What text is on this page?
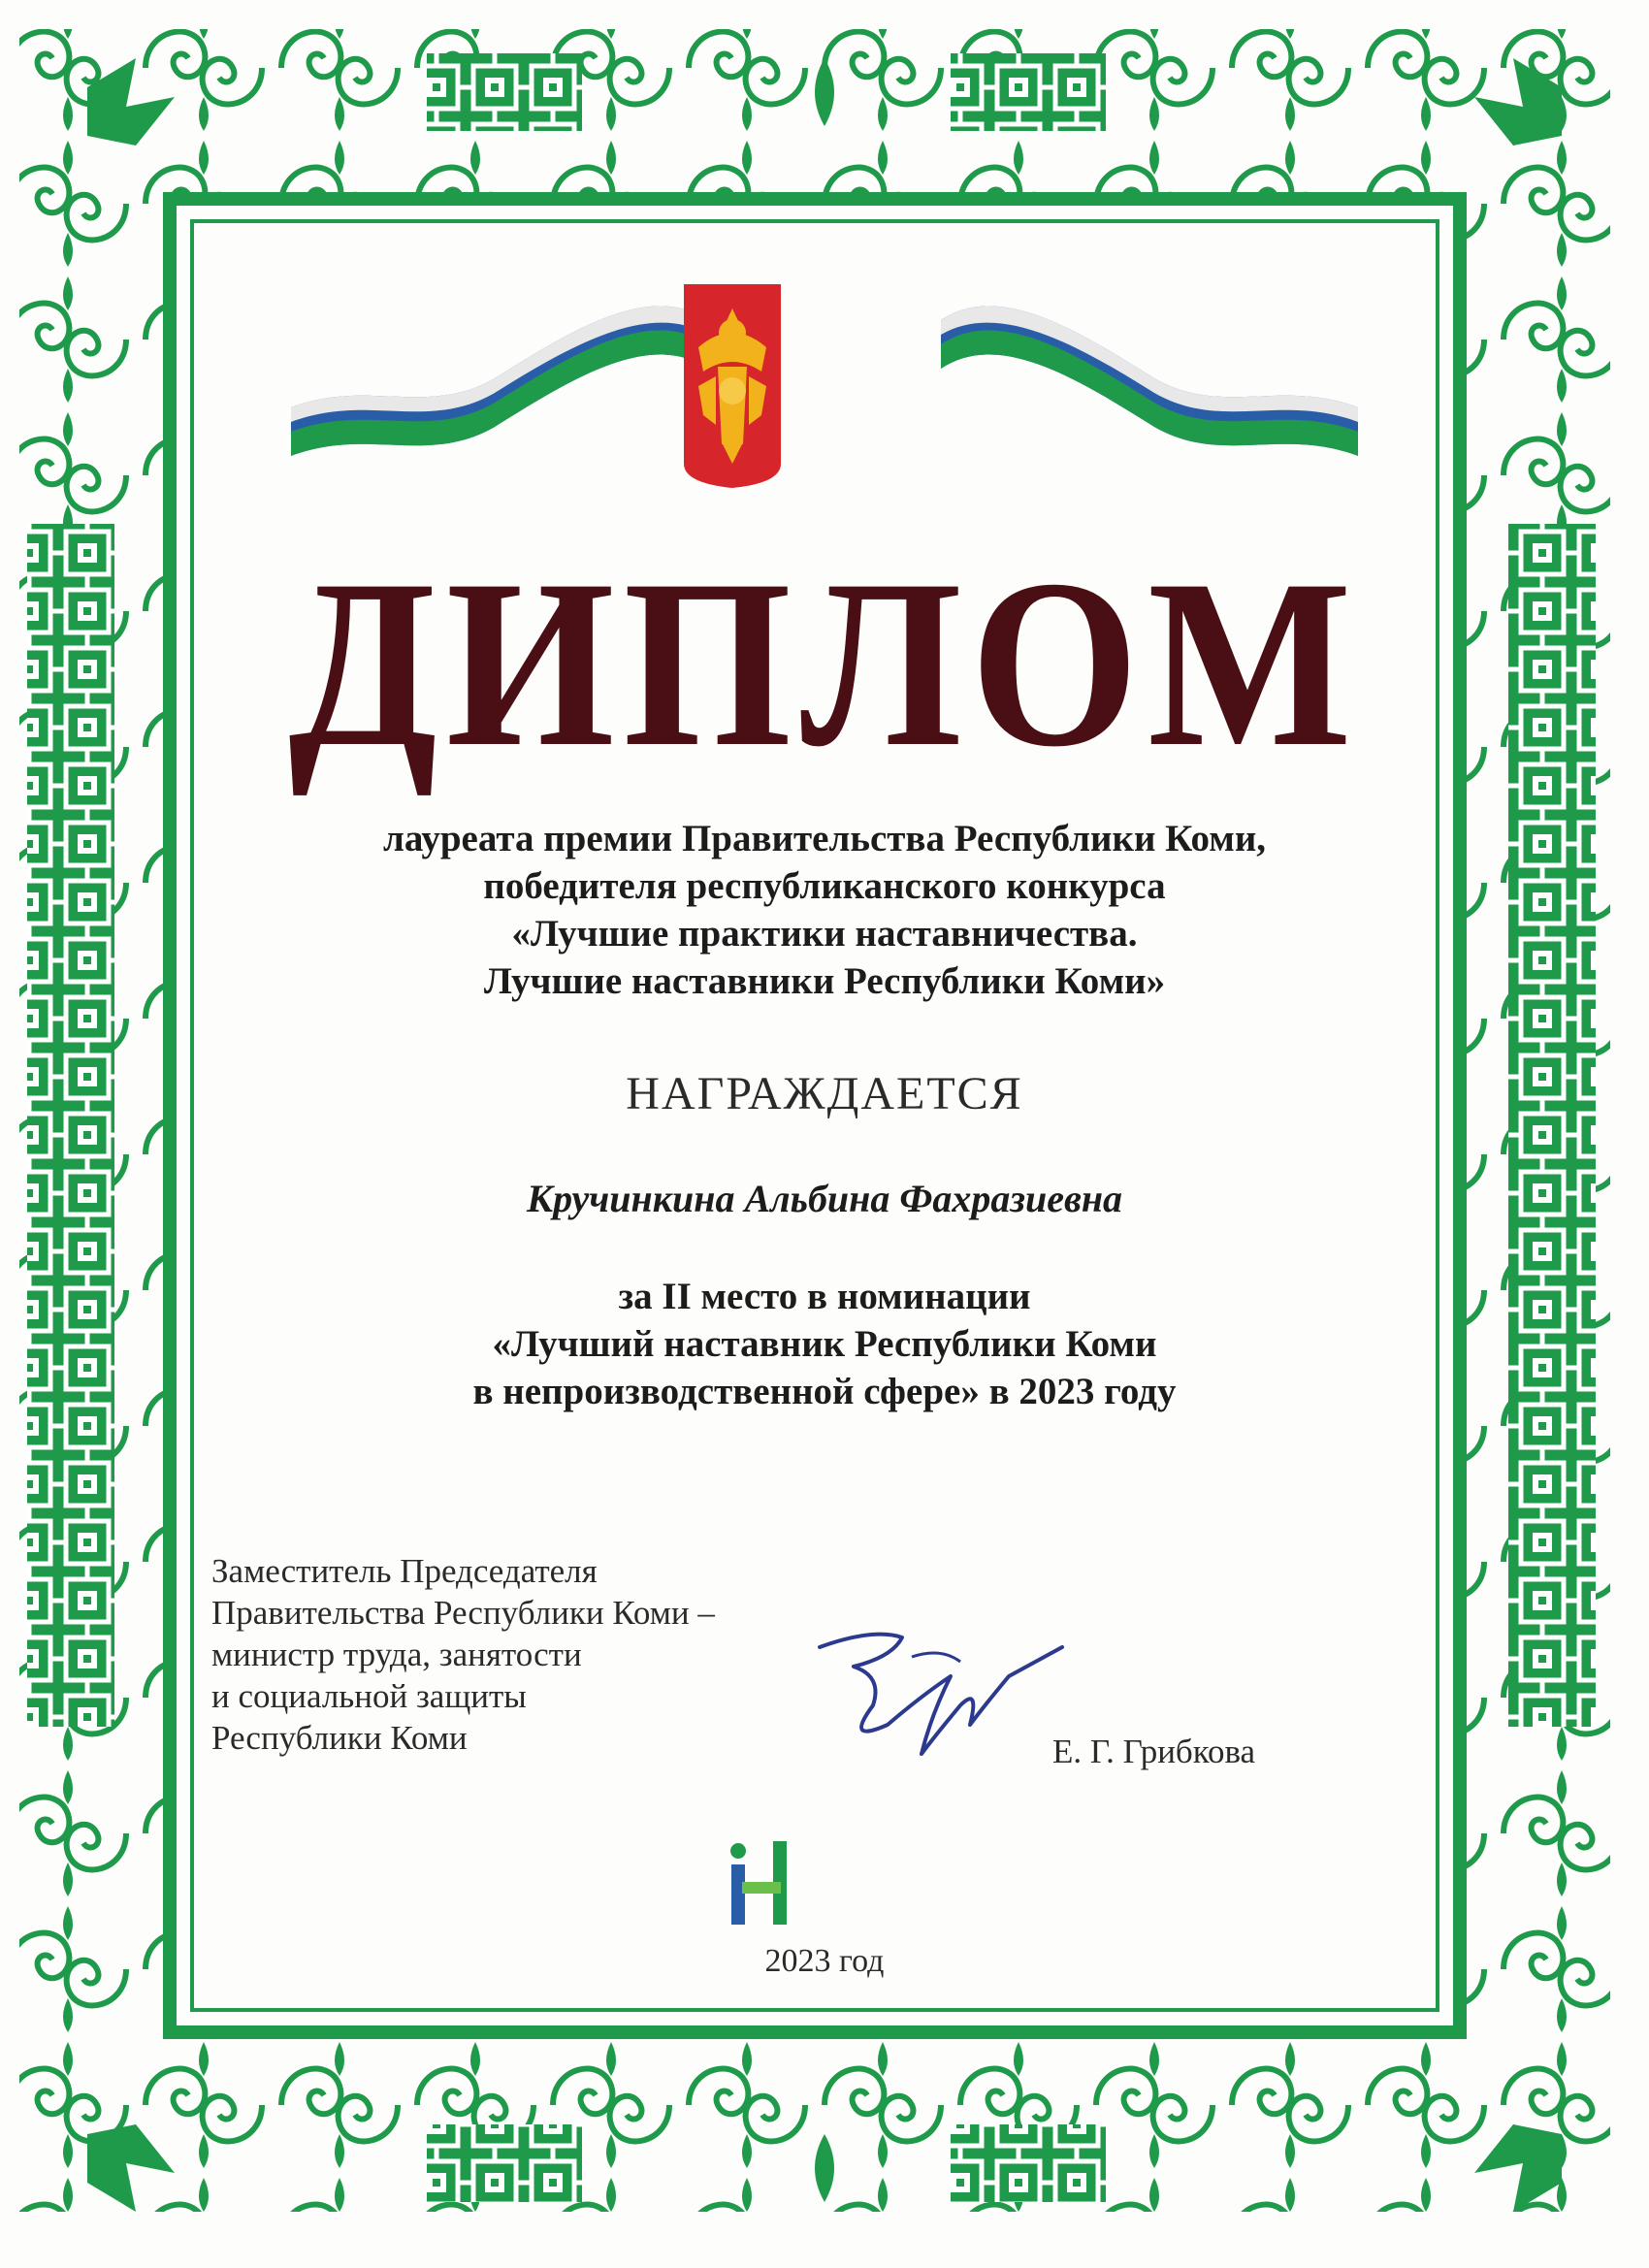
ДИПЛОМ
лауреата премии Правительства Республики Коми,
победителя республиканского конкурса
«Лучшие практики наставничества.
Лучшие наставники Республики Коми»
НАГРАЖДАЕТСЯ
Кручинкина Альбина Фахразиевна
за II место в номинации
«Лучший наставник Республики Коми
в непроизводственной сфере» в 2023 году
Заместитель Председателя
Правительства Республики Коми –
министр труда, занятости
и социальной защиты
Республики Коми	Е. Г. Грибкова
2023 год
